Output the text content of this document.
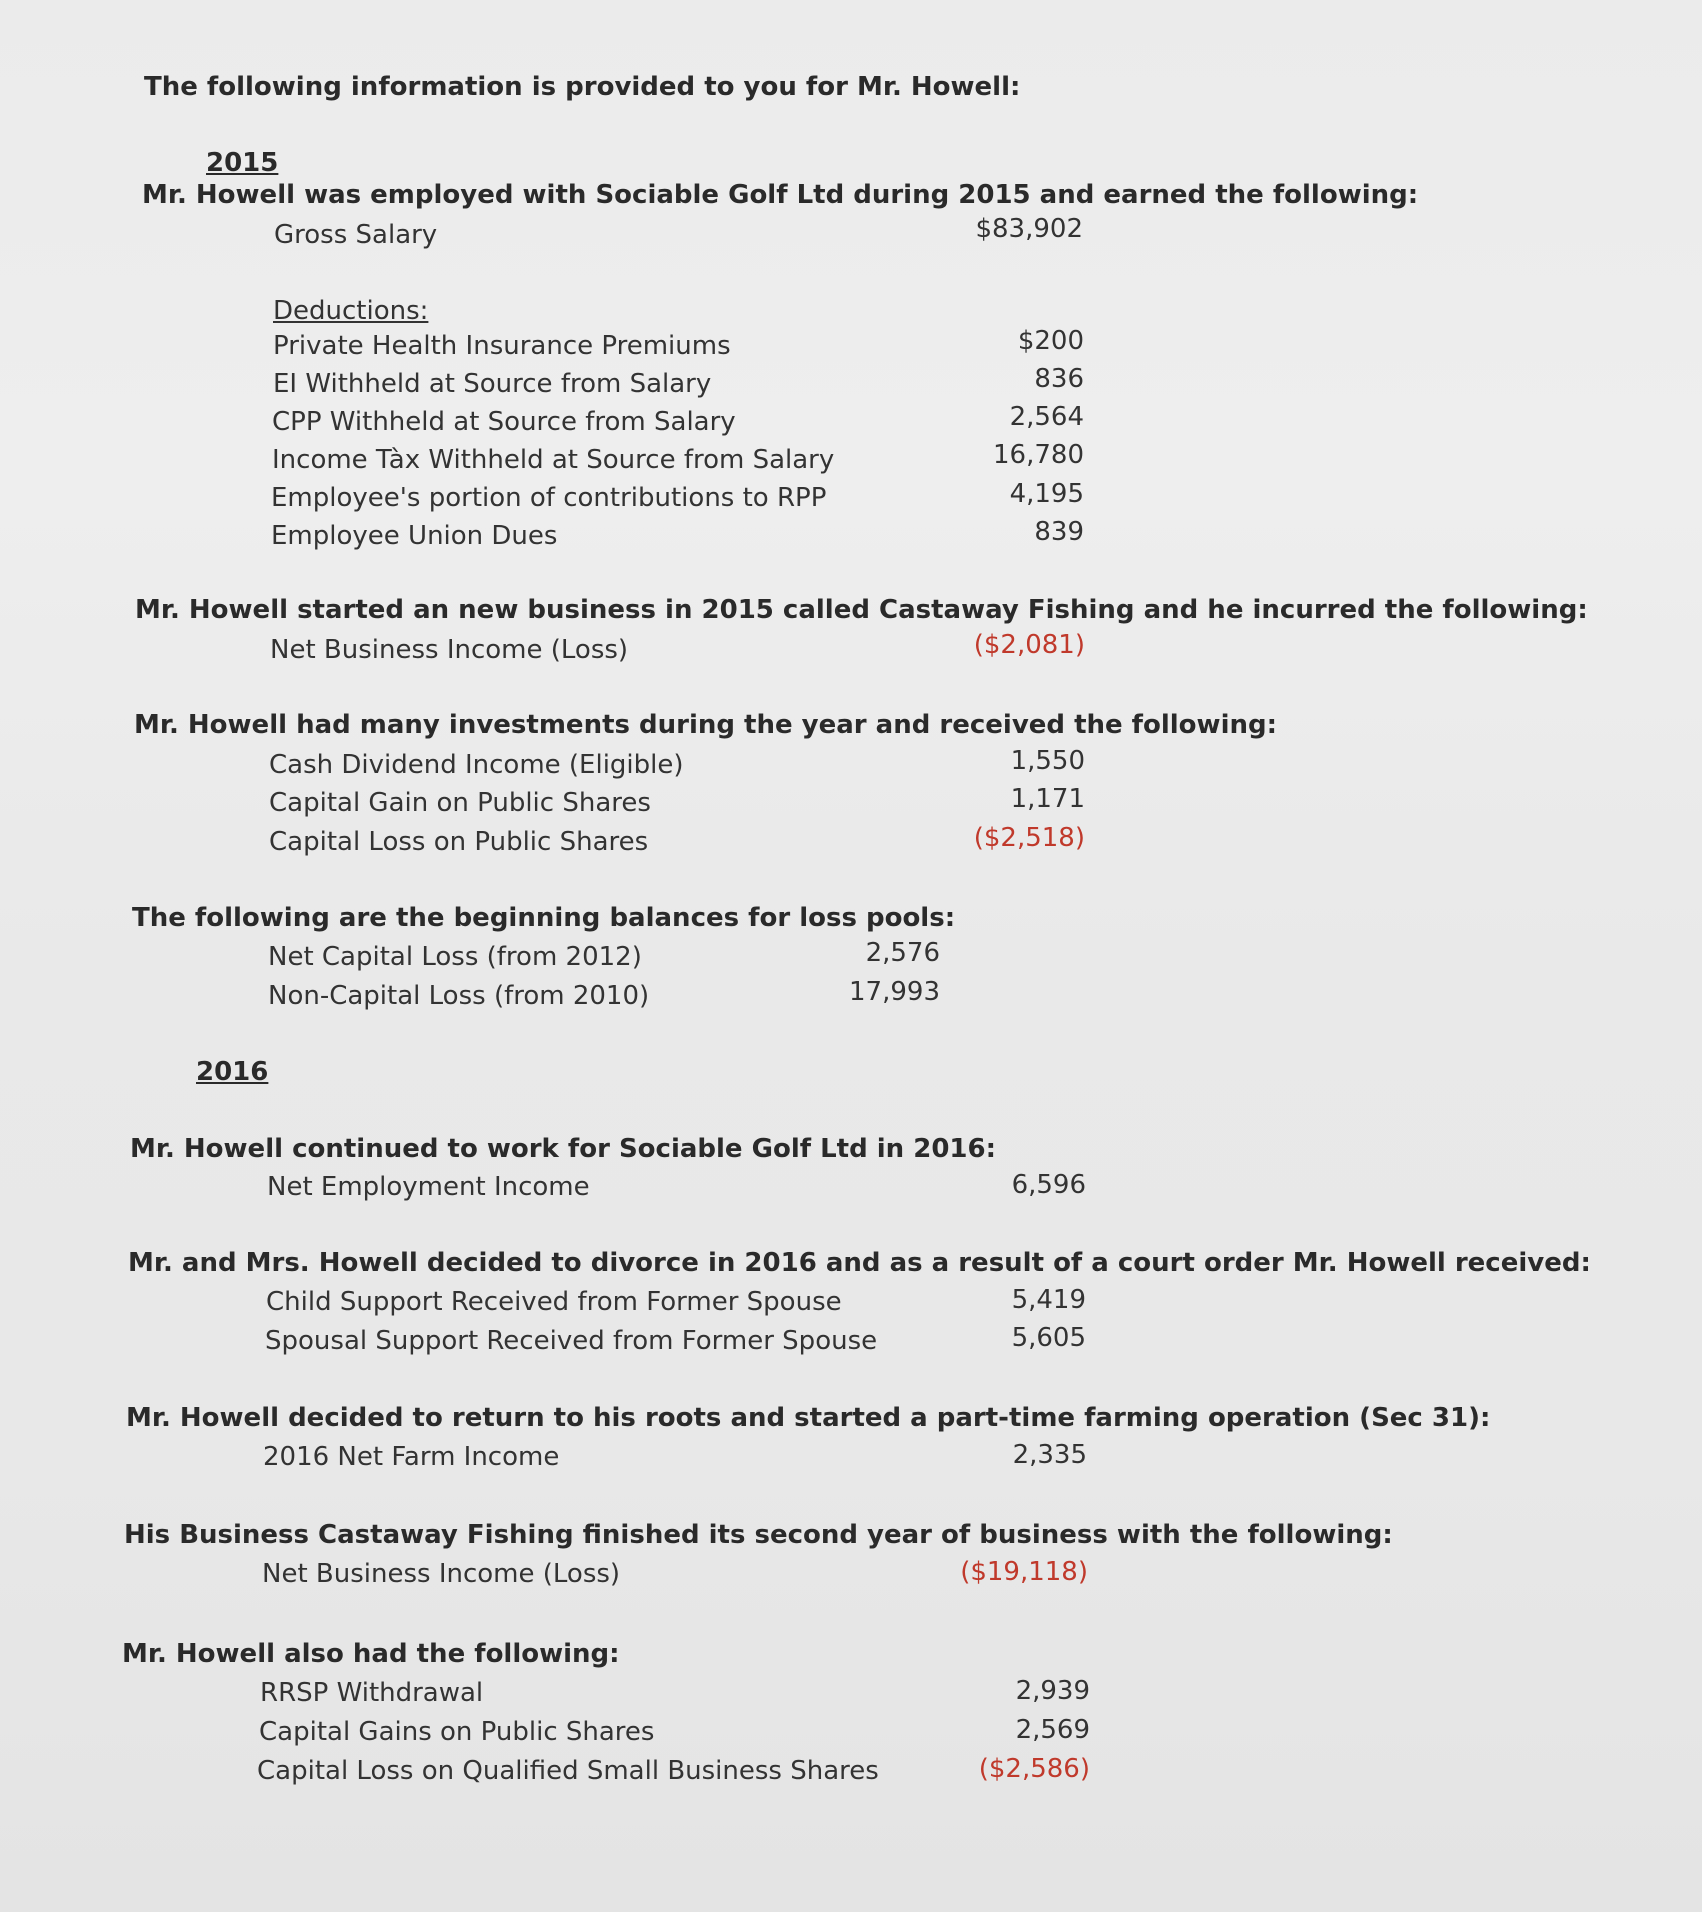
The following information is provided to you for Mr. Howell:
2015
Mr. Howell was employed with Sociable Golf Ltd during 2015 and earned the following:
Gross Salary	$83,902
Deductions:
Private Health Insurance Premiums	$200
EI Withheld at Source from Salary	836
CPP Withheld at Source from Salary	2,564
Income Tàx Withheld at Source from Salary	16,780
Employee's portion of contributions to RPP	4,195
Employee Union Dues	839
Mr. Howell started an new business in 2015 called Castaway Fishing and he incurred the following:
Net Business Income (Loss)	($2,081)
Mr. Howell had many investments during the year and received the following:
Cash Dividend Income (Eligible)	1,550
Capital Gain on Public Shares	1,171
Capital Loss on Public Shares	($2,518)
The following are the beginning balances for loss pools:
Net Capital Loss (from 2012)	2,576
Non-Capital Loss (from 2010)	17,993
2016
Mr. Howell continued to work for Sociable Golf Ltd in 2016:
Net Employment Income	6,596
Mr. and Mrs. Howell decided to divorce in 2016 and as a result of a court order Mr. Howell received:
Child Support Received from Former Spouse	5,419
Spousal Support Received from Former Spouse	5,605
Mr. Howell decided to return to his roots and started a part-time farming operation (Sec 31):
2016 Net Farm Income	2,335
His Business Castaway Fishing finished its second year of business with the following:
Net Business Income (Loss)	($19,118)
Mr. Howell also had the following:
RRSP Withdrawal	2,939
Capital Gains on Public Shares	2,569
Capital Loss on Qualified Small Business Shares	($2,586)
